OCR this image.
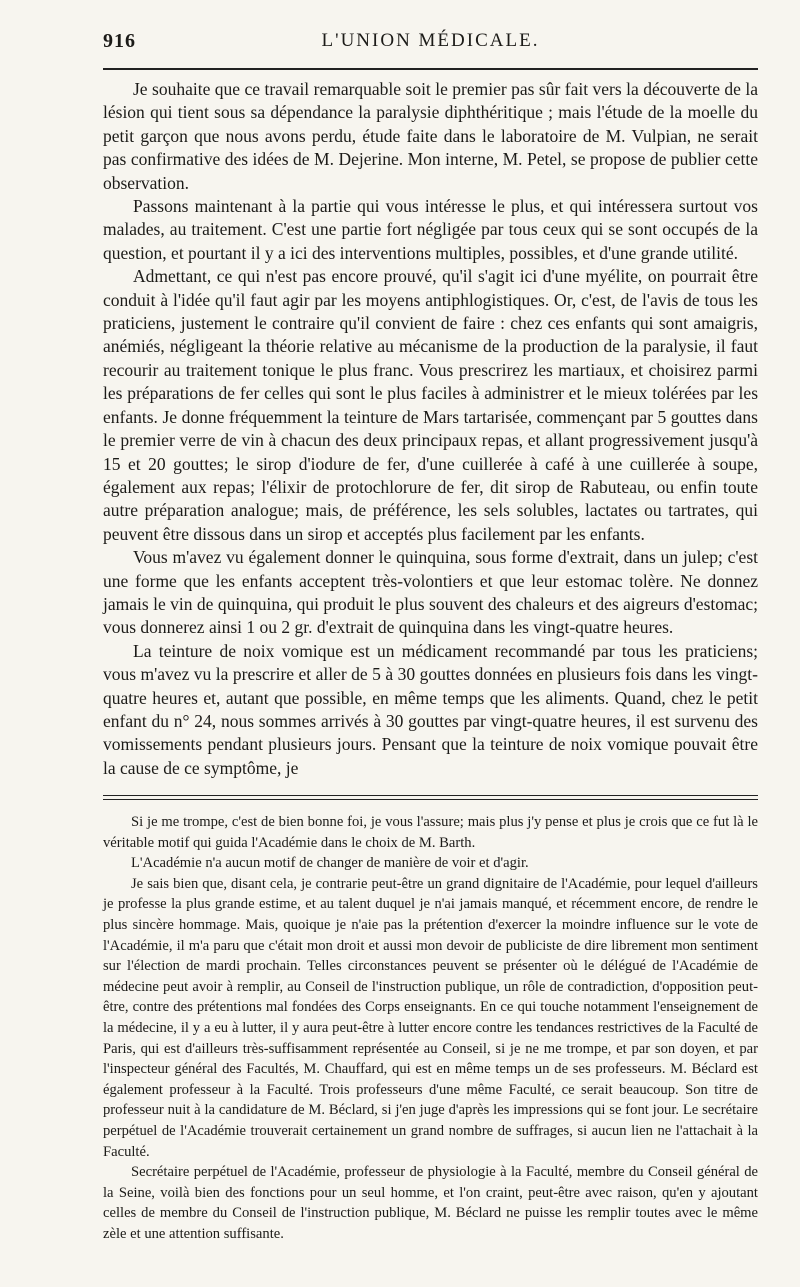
916	L'UNION MÉDICALE.

Je souhaite que ce travail remarquable soit le premier pas sûr fait vers la découverte de la lésion qui tient sous sa dépendance la paralysie diphthéritique ; mais l'étude de la moelle du petit garçon que nous avons perdu, étude faite dans le laboratoire de M. Vulpian, ne serait pas confirmative des idées de M. Dejerine. Mon interne, M. Petel, se propose de publier cette observation.

Passons maintenant à la partie qui vous intéresse le plus, et qui intéressera surtout vos malades, au traitement. C'est une partie fort négligée par tous ceux qui se sont occupés de la question, et pourtant il y a ici des interventions multiples, possibles, et d'une grande utilité.

Admettant, ce qui n'est pas encore prouvé, qu'il s'agit ici d'une myélite, on pourrait être conduit à l'idée qu'il faut agir par les moyens antiphlogistiques. Or, c'est, de l'avis de tous les praticiens, justement le contraire qu'il convient de faire : chez ces enfants qui sont amaigris, anémiés, négligeant la théorie relative au mécanisme de la production de la paralysie, il faut recourir au traitement tonique le plus franc. Vous prescrirez les martiaux, et choisirez parmi les préparations de fer celles qui sont le plus faciles à administrer et le mieux tolérées par les enfants. Je donne fréquemment la teinture de Mars tartarisée, commençant par 5 gouttes dans le premier verre de vin à chacun des deux principaux repas, et allant progressivement jusqu'à 15 et 20 gouttes; le sirop d'iodure de fer, d'une cuillerée à café à une cuillerée à soupe, également aux repas; l'élixir de protochlorure de fer, dit sirop de Rabuteau, ou enfin toute autre préparation analogue; mais, de préférence, les sels solubles, lactates ou tartrates, qui peuvent être dissous dans un sirop et acceptés plus facilement par les enfants.

Vous m'avez vu également donner le quinquina, sous forme d'extrait, dans un julep; c'est une forme que les enfants acceptent très-volontiers et que leur estomac tolère. Ne donnez jamais le vin de quinquina, qui produit le plus souvent des chaleurs et des aigreurs d'estomac; vous donnerez ainsi 1 ou 2 gr. d'extrait de quinquina dans les vingt-quatre heures.

La teinture de noix vomique est un médicament recommandé par tous les praticiens; vous m'avez vu la prescrire et aller de 5 à 30 gouttes données en plusieurs fois dans les vingt-quatre heures et, autant que possible, en même temps que les aliments. Quand, chez le petit enfant du n° 24, nous sommes arrivés à 30 gouttes par vingt-quatre heures, il est survenu des vomissements pendant plusieurs jours. Pensant que la teinture de noix vomique pouvait être la cause de ce symptôme, je

Si je me trompe, c'est de bien bonne foi, je vous l'assure; mais plus j'y pense et plus je crois que ce fut là le véritable motif qui guida l'Académie dans le choix de M. Barth.

L'Académie n'a aucun motif de changer de manière de voir et d'agir.

Je sais bien que, disant cela, je contrarie peut-être un grand dignitaire de l'Académie, pour lequel d'ailleurs je professe la plus grande estime, et au talent duquel je n'ai jamais manqué, et récemment encore, de rendre le plus sincère hommage. Mais, quoique je n'aie pas la prétention d'exercer la moindre influence sur le vote de l'Académie, il m'a paru que c'était mon droit et aussi mon devoir de publiciste de dire librement mon sentiment sur l'élection de mardi prochain. Telles circonstances peuvent se présenter où le délégué de l'Académie de médecine peut avoir à remplir, au Conseil de l'instruction publique, un rôle de contradiction, d'opposition peut-être, contre des prétentions mal fondées des Corps enseignants. En ce qui touche notamment l'enseignement de la médecine, il y a eu à lutter, il y aura peut-être à lutter encore contre les tendances restrictives de la Faculté de Paris, qui est d'ailleurs très-suffisamment représentée au Conseil, si je ne me trompe, et par son doyen, et par l'inspecteur général des Facultés, M. Chauffard, qui est en même temps un de ses professeurs. M. Béclard est également professeur à la Faculté. Trois professeurs d'une même Faculté, ce serait beaucoup. Son titre de professeur nuit à la candidature de M. Béclard, si j'en juge d'après les impressions qui se font jour. Le secrétaire perpétuel de l'Académie trouverait certainement un grand nombre de suffrages, si aucun lien ne l'attachait à la Faculté.

Secrétaire perpétuel de l'Académie, professeur de physiologie à la Faculté, membre du Conseil général de la Seine, voilà bien des fonctions pour un seul homme, et l'on craint, peut-être avec raison, qu'en y ajoutant celles de membre du Conseil de l'instruction publique, M. Béclard ne puisse les remplir toutes avec le même zèle et une attention suffisante.
